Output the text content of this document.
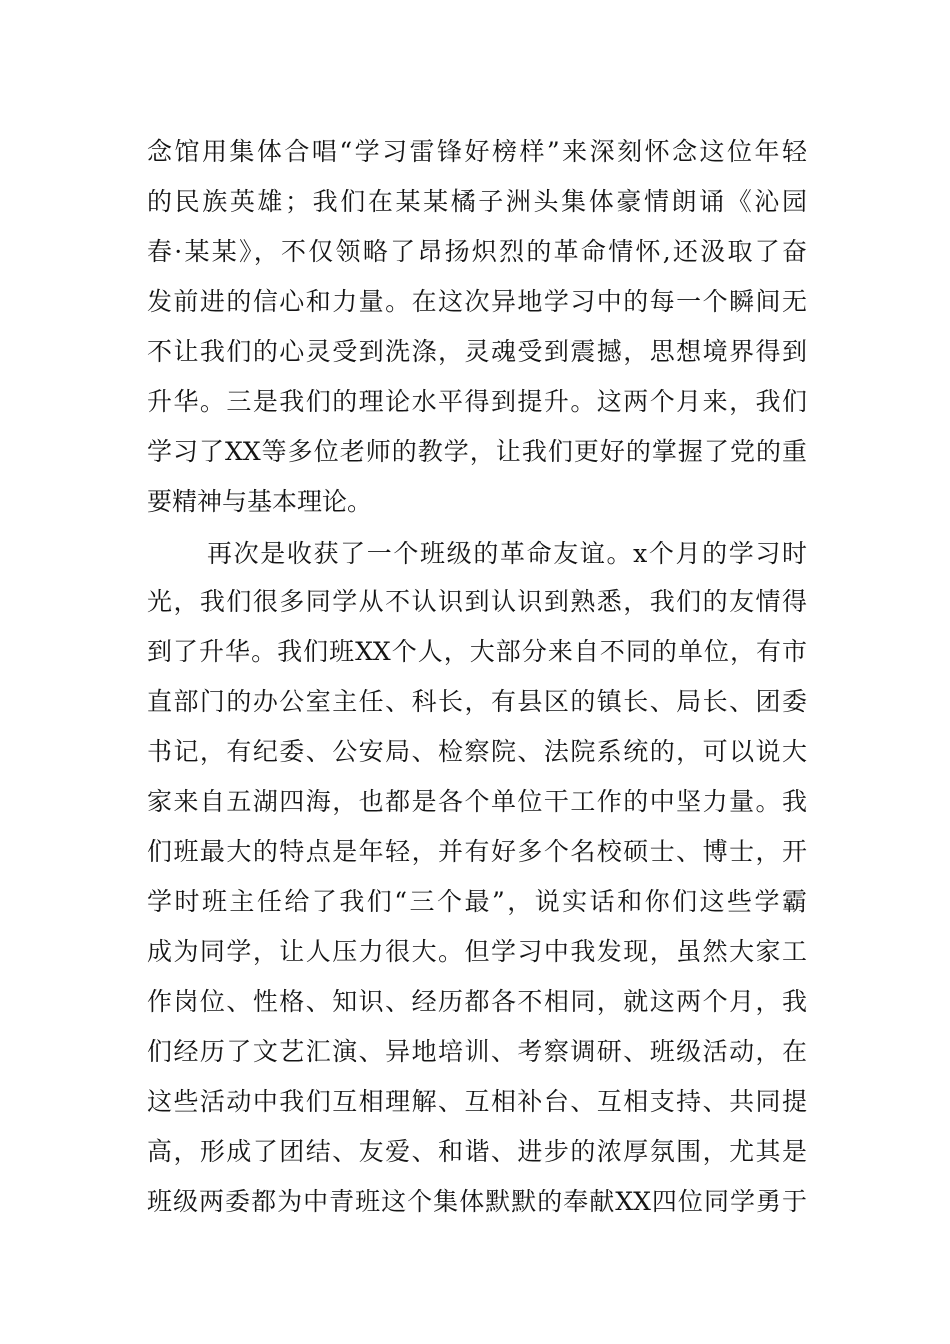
念馆用集体合唱“学习雷锋好榜样”来深刻怀念这位年轻
的民族英雄；我们在某某橘子洲头集体豪情朗诵《沁园
春·某某》，不仅领略了昂扬炽烈的革命情怀,还汲取了奋
发前进的信心和力量。在这次异地学习中的每一个瞬间无
不让我们的心灵受到洗涤，灵魂受到震撼，思想境界得到
升华。三是我们的理论水平得到提升。这两个月来，我们
学习了XX等多位老师的教学，让我们更好的掌握了党的重
要精神与基本理论。
再次是收获了一个班级的革命友谊。x个月的学习时
光，我们很多同学从不认识到认识到熟悉，我们的友情得
到了升华。我们班XX个人，大部分来自不同的单位，有市
直部门的办公室主任、科长，有县区的镇长、局长、团委
书记，有纪委、公安局、检察院、法院系统的，可以说大
家来自五湖四海，也都是各个单位干工作的中坚力量。我
们班最大的特点是年轻，并有好多个名校硕士、博士，开
学时班主任给了我们“三个最”，说实话和你们这些学霸
成为同学，让人压力很大。但学习中我发现，虽然大家工
作岗位、性格、知识、经历都各不相同，就这两个月，我
们经历了文艺汇演、异地培训、考察调研、班级活动，在
这些活动中我们互相理解、互相补台、互相支持、共同提
高，形成了团结、友爱、和谐、进步的浓厚氛围，尤其是
班级两委都为中青班这个集体默默的奉献XX四位同学勇于
